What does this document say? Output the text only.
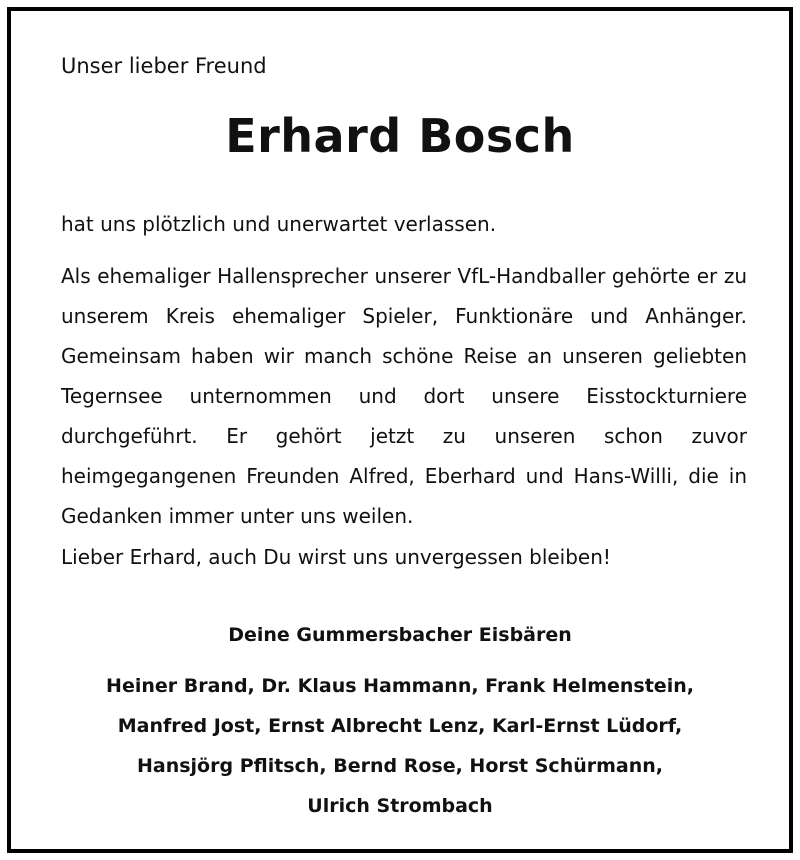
Unser lieber Freund

Erhard Bosch

hat uns plötzlich und unerwartet verlassen.

Als ehemaliger Hallensprecher unserer VfL-Handballer gehörte er zu unserem Kreis ehemaliger Spieler, Funktionäre und Anhänger. Gemeinsam haben wir manch schöne Reise an unseren geliebten Tegernsee unternommen und dort unsere Eisstockturniere durchgeführt. Er gehört jetzt zu unseren schon zuvor heimgegangenen Freunden Alfred, Eberhard und Hans-Willi, die in Gedanken immer unter uns weilen.

Lieber Erhard, auch Du wirst uns unvergessen bleiben!

Deine Gummersbacher Eisbären

Heiner Brand, Dr. Klaus Hammann, Frank Helmenstein,
Manfred Jost, Ernst Albrecht Lenz, Karl-Ernst Lüdorf,
Hansjörg Pflitsch, Bernd Rose, Horst Schürmann,
Ulrich Strombach
